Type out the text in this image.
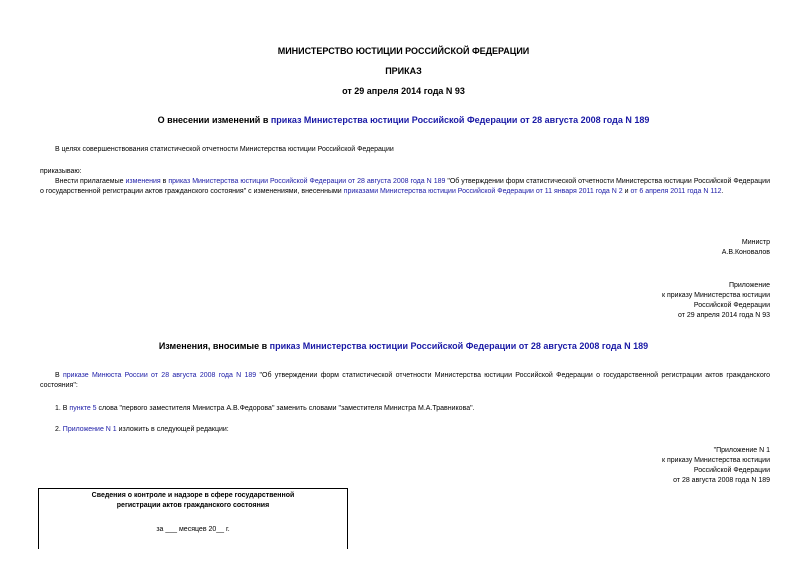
МИНИСТЕРСТВО ЮСТИЦИИ РОССИЙСКОЙ ФЕДЕРАЦИИ
ПРИКАЗ
от 29 апреля 2014 года N 93
О внесении изменений в приказ Министерства юстиции Российской Федерации от 28 августа 2008 года N 189
В целях совершенствования статистической отчетности Министерства юстиции Российской Федерации
приказываю:
Внести прилагаемые изменения в приказ Министерства юстиции Российской Федерации от 28 августа 2008 года N 189 "Об утверждении форм статистической отчетности Министерства юстиции Российской Федерации о государственной регистрации актов гражданского состояния" с изменениями, внесенными приказами Министерства юстиции Российской Федерации от 11 января 2011 года N 2 и от 6 апреля 2011 года N 112.
Министр
А.В.Коновалов
Приложение
к приказу Министерства юстиции
Российской Федерации
от 29 апреля 2014 года N 93
Изменения, вносимые в приказ Министерства юстиции Российской Федерации от 28 августа 2008 года N 189
В приказе Минюста России от 28 августа 2008 года N 189 "Об утверждении форм статистической отчетности Министерства юстиции Российской Федерации о государственной регистрации актов гражданского состояния":
1. В пункте 5 слова "первого заместителя Министра А.В.Федорова" заменить словами "заместителя Министра М.А.Травникова".
2. Приложение N 1 изложить в следующей редакции:
"Приложение N 1
к приказу Министерства юстиции
Российской Федерации
от 28 августа 2008 года N 189
Сведения о контроле и надзоре в сфере государственной регистрации актов гражданского состояния
за ___ месяцев 20__ г.
